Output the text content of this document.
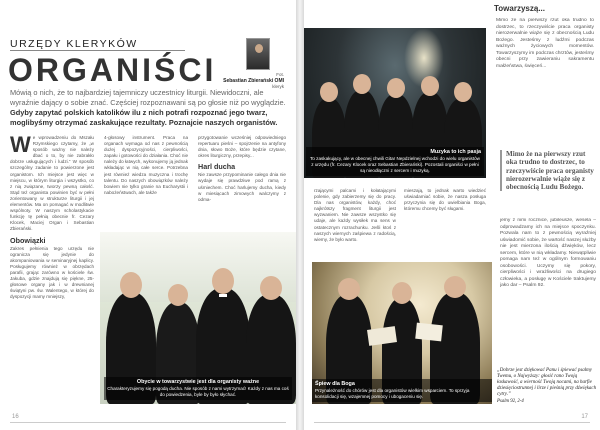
URZĘDY KLERYKÓW
ORGANIŚCI	Fot.
Sebastian Zbierański OMI
kleryk
Mówią o nich, że to najbardziej tajemniczy uczestnicy liturgii. Niewidoczni, ale wyraźnie dający o sobie znać. Częściej rozpoznawani są po głosie niż po wyglądzie. Gdyby zapytać polskich katolików ilu z nich potrafi rozpoznać jego twarz, moglibyśmy otrzymać zaskakujące rezultaty. Poznajcie naszych organistów.
W e wprowadzeniu do Mszału Rzymskiego czytamy, że „w sposób ważny nie należy dbać o to, by nie zabrakło dobrze usługujących i ludzi.” W sposób szczególny zadanie to powierzone jest organistom. Ich miejsce jest więc w miejscu, w którym liturgia i wszystko, co z nią związane, tworzy pewną całość. Stąd też organista powinien być w pełni zorientowany w strukturze liturgii i jej elementów. Ma on pomagać w modlitwie wspólnoty. W naszym scholastykacie funkcję tę pełnią obecnie fr. Cezary Klocek, Maciej Organ i Sebastian Zbierański.
Obowiązki
Zakres pełnienia tego urzędu nie ogranicza się jedynie do akompaniowania w seminaryjnej kaplicy. Posługujemy również w obrzędach parafii, grając zarówno w kościele św. Jakuba, gdzie znajdują się piękne, 25-głosowe organy jak i w drewnianej świątyni pw. św. Walentego, w której do dyspozycji mamy mniejszy,
4-głosowy instrument. Praca na organach wymaga od nas z pewnością dużej dyspozycyjności, cierpliwości, zapału i gotowości do działania. Choć nie należy do łatwych, wykonujemy ją jednak wkładając w nią całe serce. Potrzebna jest również wiedza muzyczna i trochę talentu. Do naszych obowiązków należy bowiem nie tylko granie na Eucharystii i nabożeństwach, ale także
przygotowanie wcześniej odpowiedniego repertuaru pieśni – spojrzenie na antyfony dnia, słowo Boże, które będzie czytane, okres liturgiczny, przepisy...
Harl ducha
Nie zawsze przypominanie całego dnia nie wydaje się prawdziwe pod ramą z uśmiechem. Choć harlujemy ducha, kiedy w miesiącach zimowych walczymy z odma-
Obycie w towarzystwie jest dla organisty ważne
Charakteryzujemy się pogodą ducha. Nie sposób z nami wytrzymać! Każdy z nas ma coś do powiedzenia, byle by było słychać.
16
Muzyka to ich pasja
To zaskakujący, ale w obecnej chwili Gitar Nepdzielnej wchodzi do wielu organistów z urzędu (fr. Cezary Klocek oraz Sebastian Zbierański). Pozostali organiści w pełni są nieodłączni z sercem i muzyką.
Towarzyszą...
Mimo że na pierwszy rzut oka trudno to dostrzec, to rzeczywiście praca organisty nierozerwalnie wiąże się z obecnością Ludu Bożego. Jesteśmy z ludźmi podczas ważnych życiowych momentów. Towarzyszymy im podczas chrztów, jesteśmy obecni przy zawieraniu sakramentu małżeństwa, święceń...
Mimo że na pierwszy rzut oka trudno to dostrzec, to rzeczywiście praca organisty nierozerwalnie wiąże się z obecnością Ludu Bożego.
rzającymi palcami i kołatającymi polenie, gdy zabierzemy się do pracy. Dla nas organistów, każdy, choć najkrótszy fragment liturgii jest wyzwaniem. Nie zawsze wszystko się udaje, ale każdy wysiłek ma sens w ostatecznym rozrachunku. Jeśli ktoś z naszych wiernych zaśpiewa z radością, wiemy, że było warto.
mieszają, to jednak warto wiedzieć uświadamiać sobie, że nasza posługa przyczynia się do uwielbiania Boga, któremu chcemy być sługami.
jemy z nimi rocznice, jubileusze, wesela – odprowadzamy ich na miejsce spoczynku. Pozwala nam to z pewnością wyraźniej uświadomić sobie, że wartość naszej służby nie jest mierzona ilością dźwięków, lecz sercem, które w nią wkładamy. Niewątpliwie pomaga nam też w ogólnym formowaniu osobowości. Uczymy się pokory, cierpliwości i wrażliwości na drugiego człowieka, a posługę w Kościele traktujemy jako dar – Psalm 92.
„Dobrze jest dziękować Panu i śpiewać psalmy Twemu, o Najwyższy: głosić rano Twoją łaskawość, a wierność Twoją nocami, na harfie dziesięciostrunnej i lirze i pieśnią przy dźwiękach cytry.”
Psalm 92, 2-4
Śpiew dla Boga
Przynależność do chórów jest dla organistów wielkim wsparciem. To sprzyja konsolidacji się, wzajemnej pomocy i ubogaceniu się.
17
